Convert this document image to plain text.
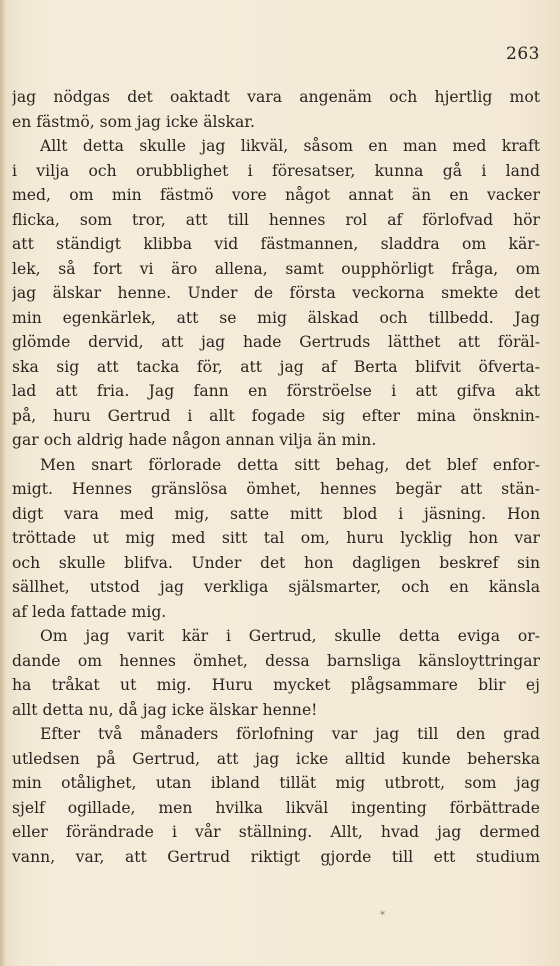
263
jag nödgas det oaktadt vara angenäm och hjertlig mot
en fästmö, som jag icke älskar.
Allt detta skulle jag likväl, såsom en man med kraft
i vilja och orubblighet i föresatser, kunna gå i land
med, om min fästmö vore något annat än en vacker
flicka, som tror, att till hennes rol af förlofvad hör
att ständigt klibba vid fästmannen, sladdra om kär-
lek, så fort vi äro allena, samt oupphörligt fråga, om
jag älskar henne. Under de första veckorna smekte det
min egenkärlek, att se mig älskad och tillbedd. Jag
glömde dervid, att jag hade Gertruds lätthet att föräl-
ska sig att tacka för, att jag af Berta blifvit öfverta-
lad att fria. Jag fann en förströelse i att gifva akt
på, huru Gertrud i allt fogade sig efter mina önsknin-
gar och aldrig hade någon annan vilja än min.
Men snart förlorade detta sitt behag, det blef enfor-
migt. Hennes gränslösa ömhet, hennes begär att stän-
digt vara med mig, satte mitt blod i jäsning. Hon
tröttade ut mig med sitt tal om, huru lycklig hon var
och skulle blifva. Under det hon dagligen beskref sin
sällhet, utstod jag verkliga själsmarter, och en känsla
af leda fattade mig.
Om jag varit kär i Gertrud, skulle detta eviga or-
dande om hennes ömhet, dessa barnsliga känsloyttringar
ha tråkat ut mig. Huru mycket plågsammare blir ej
allt detta nu, då jag icke älskar henne!
Efter två månaders förlofning var jag till den grad
utledsen på Gertrud, att jag icke alltid kunde beherska
min otålighet, utan ibland tillät mig utbrott, som jag
sjelf ogillade, men hvilka likväl ingenting förbättrade
eller förändrade i vår ställning. Allt, hvad jag dermed
vann, var, att Gertrud riktigt gjorde till ett studium
*
